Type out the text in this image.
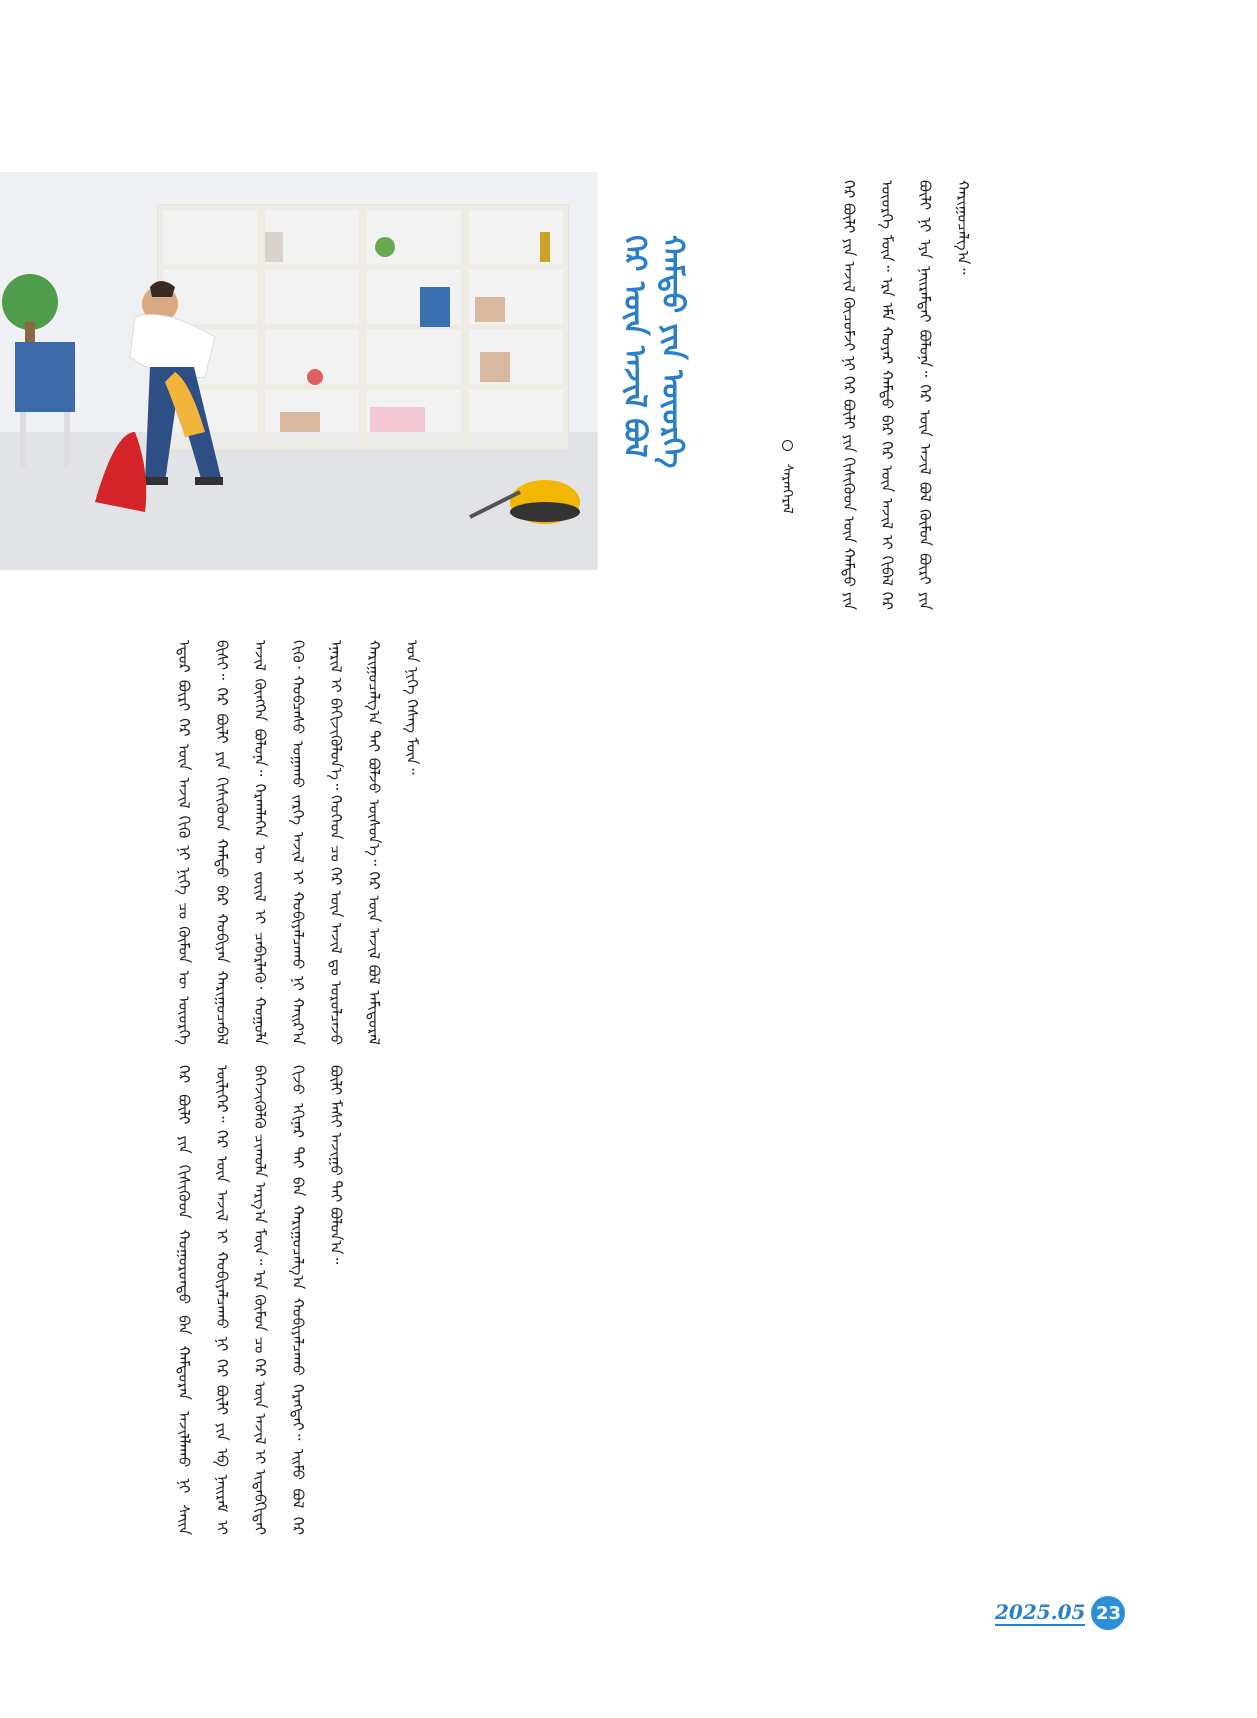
ᠭᠡᠷ ᠦᠨ ᠠᠵᠢᠯ ᠪᠣᠯ ᠬᠠᠮᠲᠤ ᠶᠢᠨ ᠦᠦᠷᠭᠡ
ᠰᠠᠷᠠᠨᠭᠡᠷᠡᠯ	ᠭᠡᠷ ᠪᠦᠯᠢ ᠶᠢᠨ ᠠᠵᠢᠯ ᠬᠦᠴᠦᠮᠵᠢ ᠨᠢ ᠭᠡᠷ ᠪᠦᠯᠢ ᠶᠢᠨ ᠭᠢᠰᠢᠭᠦᠳ ᠦᠨ ᠬᠠᠮᠲᠤ ᠶᠢᠨ ᠦᠦᠷᠭᠡ ᠮᠦᠨ᠃ ᠡᠷᠡ ᠡᠮᠡ ᠬᠣᠶᠠᠷ ᠬᠠᠮᠲᠤ ᠪᠡᠷ ᠭᠡᠷ ᠦᠨ ᠠᠵᠢᠯ ᠢ ᠬᠢᠪᠡᠯ ᠭᠡᠷ ᠪᠦᠯᠢ ᠨᠢ ᠡᠶᠡ ᠨᠠᠢᠷᠠᠮᠳᠠᠢ ᠪᠣᠯᠤᠨᠠ᠃ ᠭᠡᠷ ᠦᠨ ᠠᠵᠢᠯ ᠪᠣᠯ ᠬᠦᠮᠦᠨ ᠪᠦᠷᠢ ᠶᠢᠨ ᠬᠠᠷᠢᠭᠤᠴᠠᠯᠭ᠎ᠠ᠃
ᠡᠳᠦᠷ ᠪᠦᠷᠢ ᠭᠡᠷ ᠦᠨ ᠠᠵᠢᠯ ᠬᠢᠬᠦ ᠨᠢ ᠨᠢᠭᠡ ᠴᠤ ᠬᠦᠮᠦᠨ ᠦ ᠦᠦᠷᠭᠡ ᠪᠢᠰᠢ᠃ ᠭᠡᠷ ᠪᠦᠯᠢ ᠶᠢᠨ ᠭᠢᠰᠢᠭᠦᠳ ᠬᠠᠮᠲᠤ ᠪᠡᠷ ᠬᠤᠪᠢᠶᠠᠨ ᠬᠠᠷᠢᠭᠤᠴᠠᠪᠠᠯ ᠠᠵᠢᠯ ᠬᠦᠩᠭᠡᠨ ᠪᠣᠯᠤᠨᠠ᠃ ᠬᠡᠷᠡᠭ᠍ᠯᠡᠭᠡᠨ ᠦ ᠵᠦᠢᠯ ᠢ ᠴᠡᠪᠡᠷᠯᠡᠬᠦ᠂ ᠬᠣᠭᠣᠯᠠ ᠬᠢᠬᠦ᠂ ᠬᠤᠪᠴᠠᠰᠤ ᠤᠭᠠᠬᠤ ᠵᠡᠷᠭᠡ ᠠᠵᠢᠯ ᠢ ᠬᠤᠪᠢᠶᠠᠯᠴᠠᠬᠤ ᠨᠢ ᠬᠠᠢᠷ᠎ᠠ ᠡᠨᠡᠷᠢᠯ ᠢ ᠪᠡᠬᠢᠵᠢᠭᠦᠯᠦᠨ᠎ᠡ᠃ ᠬᠡᠦᠬᠡᠳ ᠴᠤ ᠭᠡᠷ ᠦᠨ ᠠᠵᠢᠯ ᠳᠤ ᠣᠷᠣᠯᠴᠠᠵᠤ ᠬᠠᠷᠢᠭᠤᠴᠠᠯᠭ᠎ᠠ ᠲᠠᠢ ᠪᠣᠯᠵᠤ ᠥᠰᠦᠨ᠎ᠡ᠃ ᠭᠡᠷ ᠦᠨ ᠠᠵᠢᠯ ᠪᠣᠯ ᠠᠮᠢᠳᠤᠷᠠᠯ ᠤᠨ ᠨᠢᠭᠡ ᠬᠡᠰᠡᠭ ᠮᠦᠨ᠃
ᠭᠡᠷ ᠪᠦᠯᠢ ᠶᠢᠨ ᠭᠢᠰᠢᠭᠦᠳ ᠬᠣᠭᠣᠷᠣᠨᠳᠤ ᠪᠡᠨ ᠬᠠᠮᠲᠤᠷᠠᠨ ᠠᠵᠢᠯᠯᠠᠬᠤ ᠨᠢ ᠰᠠᠢᠨ ᠦᠯᠢᠭᠡᠷ᠃ ᠭᠡᠷ ᠦᠨ ᠠᠵᠢᠯ ᠢ ᠬᠤᠪᠢᠶᠠᠯᠴᠠᠬᠤ ᠨᠢ ᠭᠡᠷ ᠪᠦᠯᠢ ᠶᠢᠨ ᠡᠪ ᠨᠠᠢᠷᠠᠮ ᠢ ᠪᠡᠬᠡᠵᠢᠭᠦᠯᠬᠦ ᠴᠢᠬᠤᠯᠠ ᠠᠷᠭ᠎ᠠ ᠮᠦᠨ᠃ ᠡᠷᠡ ᠬᠦᠮᠦᠨ ᠴᠤ ᠭᠡᠷ ᠦᠨ ᠠᠵᠢᠯ ᠢ ᠢᠳᠡᠪᠬᠢᠲᠡᠢ ᠬᠢᠵᠦ ᠡᠬᠢᠨᠡᠷ ᠲᠡᠢ ᠪᠡᠨ ᠬᠠᠷᠢᠭᠤᠴᠠᠯᠭ᠎ᠠ ᠬᠤᠪᠢᠶᠠᠯᠴᠠᠬᠤ ᠬᠡᠷᠡᠭᠲᠡᠢ᠃ ᠡᠢᠮᠦ ᠪᠣᠯ ᠭᠡᠷ ᠪᠦᠯᠢ ᠮᠠᠰᠢ ᠠᠵᠢᠭᠤ ᠲᠡᠢ ᠪᠣᠯᠤᠨ᠎ᠠ᠃
2025.05 23
